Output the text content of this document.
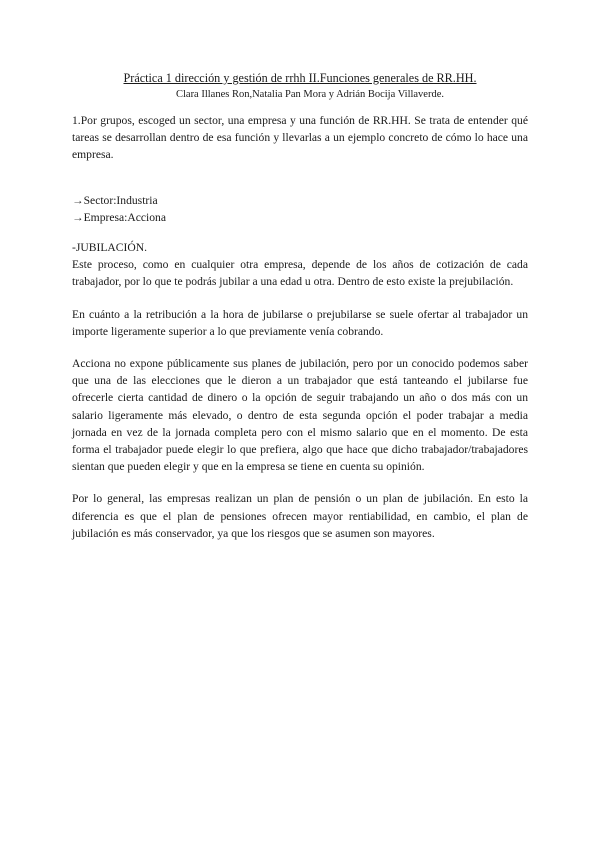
Práctica 1 dirección y gestión de rrhh II.Funciones generales de RR.HH.

Clara Illanes Ron,Natalia Pan Mora y Adrián Bocija Villaverde.

1.Por grupos, escoged un sector, una empresa y una función de RR.HH. Se trata de entender qué tareas se desarrollan dentro de esa función y llevarlas a un ejemplo concreto de cómo lo hace una empresa.

→Sector:Industria
→Empresa:Acciona

-JUBILACIÓN.

Este proceso, como en cualquier otra empresa, depende de los años de cotización de cada trabajador, por lo que te podrás jubilar a una edad u otra. Dentro de esto existe la prejubilación.

En cuánto a la retribución a la hora de jubilarse o prejubilarse se suele ofertar al trabajador un importe ligeramente superior a lo que previamente venía cobrando.

Acciona no expone públicamente sus planes de jubilación, pero por un conocido podemos saber que una de las elecciones que le dieron a un trabajador que está tanteando el jubilarse fue ofrecerle cierta cantidad de dinero o la opción de seguir trabajando un año o dos más con un salario ligeramente más elevado, o dentro de esta segunda opción el poder trabajar a media jornada en vez de la jornada completa pero con el mismo salario que en el momento. De esta forma el trabajador puede elegir lo que prefiera, algo que hace que dicho trabajador/trabajadores sientan que pueden elegir y que en la empresa se tiene en cuenta su opinión.

Por lo general, las empresas realizan un plan de pensión o un plan de jubilación. En esto la diferencia es que el plan de pensiones ofrecen mayor rentiabilidad, en cambio, el plan de jubilación es más conservador, ya que los riesgos que se asumen son mayores.
